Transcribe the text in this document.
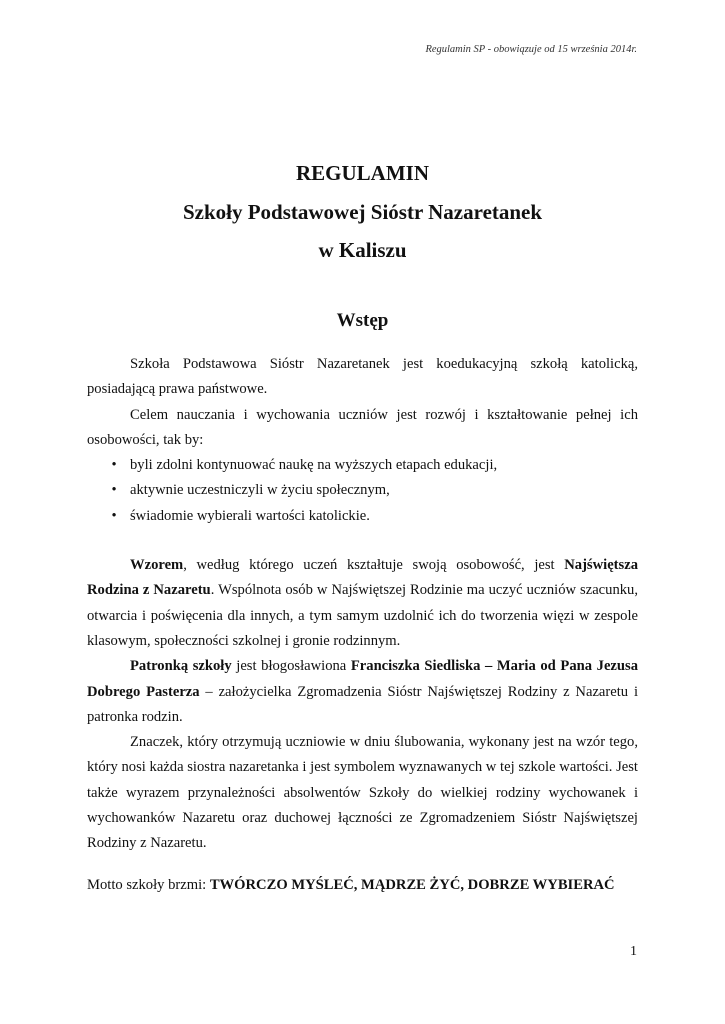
Regulamin SP - obowiązuje od 15 września 2014r.
REGULAMIN
Szkoły Podstawowej Sióstr Nazaretanek
w Kaliszu
Wstęp

Szkoła Podstawowa Sióstr Nazaretanek jest koedukacyjną szkołą katolicką, posiadającą prawa państwowe.

Celem nauczania i wychowania uczniów jest rozwój i kształtowanie pełnej ich osobowości, tak by:

• byli zdolni kontynuować naukę na wyższych etapach edukacji,
• aktywnie uczestniczyli w życiu społecznym,
• świadomie wybierali wartości katolickie.

Wzorem, według którego uczeń kształtuje swoją osobowość, jest Najświętsza Rodzina z Nazaretu. Wspólnota osób w Najświętszej Rodzinie ma uczyć uczniów szacunku, otwarcia i poświęcenia dla innych, a tym samym uzdolnić ich do tworzenia więzi w zespole klasowym, społeczności szkolnej i gronie rodzinnym.

Patronką szkoły jest błogosławiona Franciszka Siedliska – Maria od Pana Jezusa Dobrego Pasterza – założycielka Zgromadzenia Sióstr Najświętszej Rodziny z Nazaretu i patronka rodzin.

Znaczek, który otrzymują uczniowie w dniu ślubowania, wykonany jest na wzór tego, który nosi każda siostra nazaretanka i jest symbolem wyznawanych w tej szkole wartości. Jest także wyrazem przynależności absolwentów Szkoły do wielkiej rodziny wychowanek i wychowanków Nazaretu oraz duchowej łączności ze Zgromadzeniem Sióstr Najświętszej Rodziny z Nazaretu.

Motto szkoły brzmi: TWÓRCZO MYŚLEĆ, MĄDRZE ŻYĆ, DOBRZE WYBIERAĆ

1
